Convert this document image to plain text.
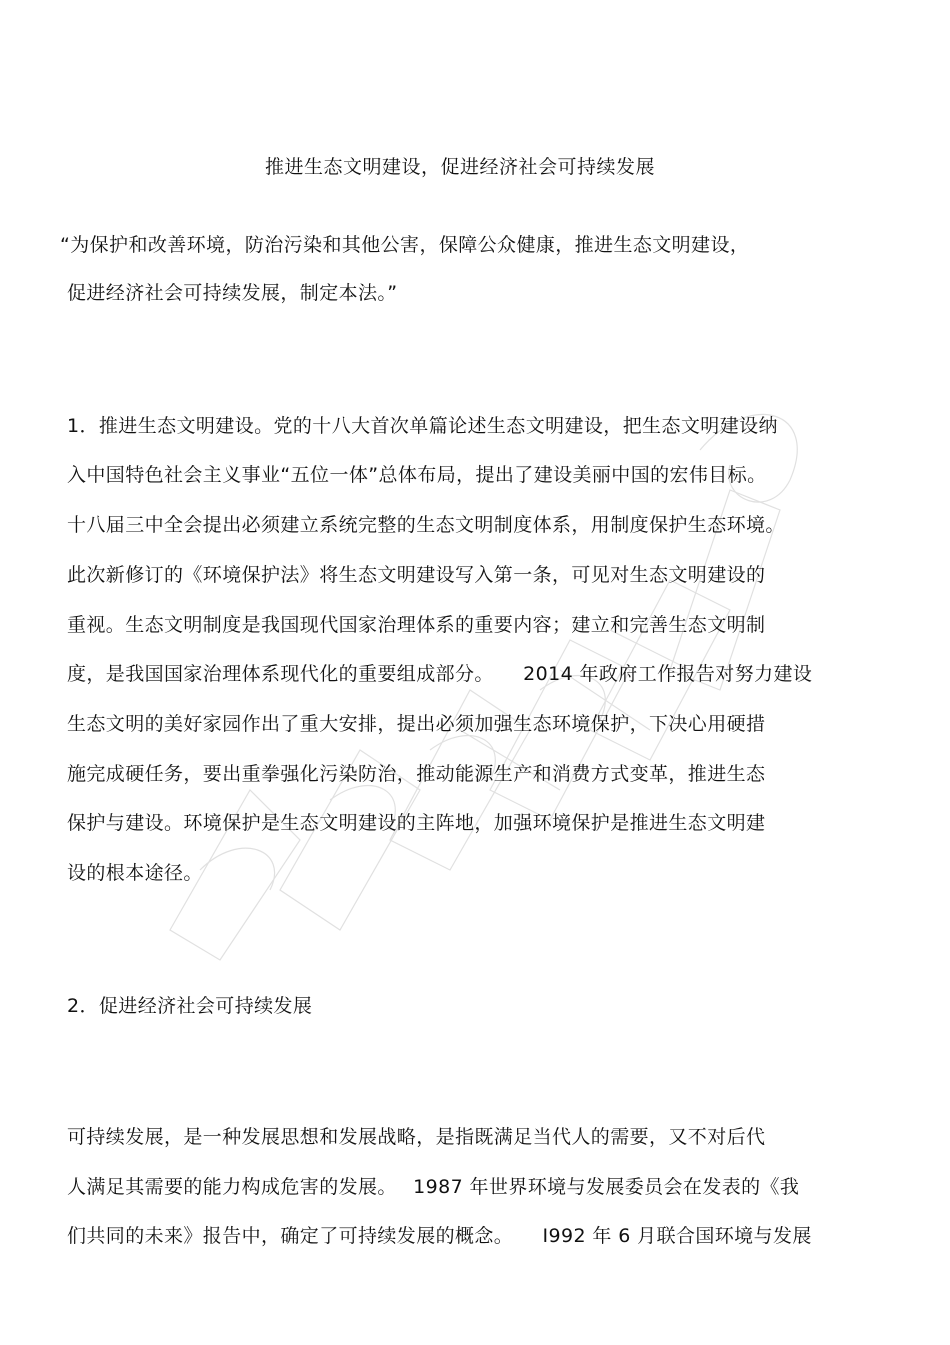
推进生态文明建设，促进经济社会可持续发展
“为保护和改善环境，防治污染和其他公害，保障公众健康，推进生态文明建设，
促进经济社会可持续发展，制定本法。”
1．推进生态文明建设。党的十八大首次单篇论述生态文明建设，把生态文明建设纳
入中国特色社会主义事业“五位一体”总体布局，提出了建设美丽中国的宏伟目标。
十八届三中全会提出必须建立系统完整的生态文明制度体系，用制度保护生态环境。
此次新修订的《环境保护法》将生态文明建设写入第一条，可见对生态文明建设的
重视。生态文明制度是我国现代国家治理体系的重要内容；建立和完善生态文明制
度，是我国国家治理体系现代化的重要组成部分。　　2014 年政府工作报告对努力建设
生态文明的美好家园作出了重大安排，提出必须加强生态环境保护，下决心用硬措
施完成硬任务，要出重拳强化污染防治，推动能源生产和消费方式变革，推进生态
保护与建设。环境保护是生态文明建设的主阵地，加强环境保护是推进生态文明建
设的根本途径。
2．促进经济社会可持续发展
可持续发展，是一种发展思想和发展战略，是指既满足当代人的需要，又不对后代
人满足其需要的能力构成危害的发展。　 1987 年世界环境与发展委员会在发表的《我
们共同的未来》报告中，确定了可持续发展的概念。　　I992 年 6 月联合国环境与发展
